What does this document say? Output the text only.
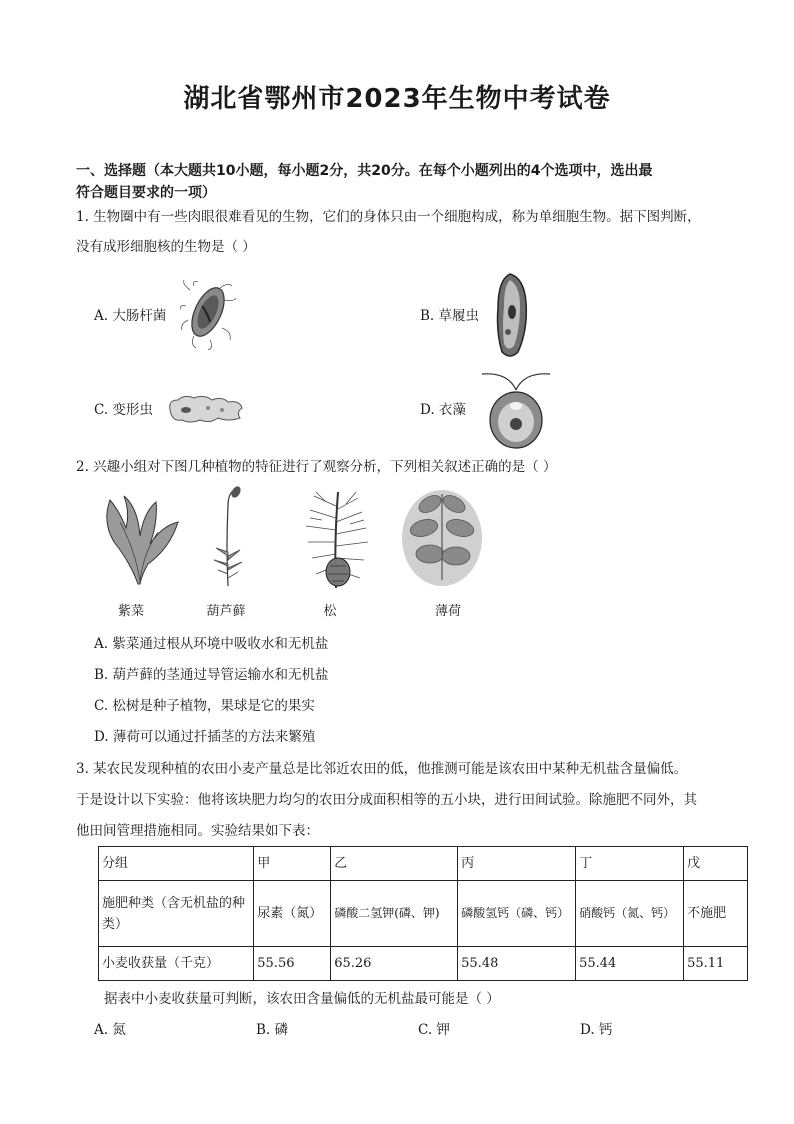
湖北省鄂州市2023年生物中考试卷
一、选择题（本大题共10小题，每小题2分，共20分。在每个小题列出的4个选项中，选出最
符合题目要求的一项）
1. 生物圈中有一些肉眼很难看见的生物，它们的身体只由一个细胞构成，称为单细胞生物。据下图判断，
没有成形细胞核的生物是（ ）
A. 大肠杆菌	B. 草履虫
C. 变形虫	D. 衣藻
2. 兴趣小组对下图几种植物的特征进行了观察分析，下列相关叙述正确的是（ ）
紫菜	葫芦藓	松	薄荷
A. 紫菜通过根从环境中吸收水和无机盐
B. 葫芦藓的茎通过导管运输水和无机盐
C. 松树是种子植物，果球是它的果实
D. 薄荷可以通过扦插茎的方法来繁殖
3. 某农民发现种植的农田小麦产量总是比邻近农田的低，他推测可能是该农田中某种无机盐含量偏低。
于是设计以下实验：他将该块肥力均匀的农田分成面积相等的五小块，进行田间试验。除施肥不同外，其
他田间管理措施相同。实验结果如下表：
分组	甲	乙	丙	丁	戊
施肥种类（含无机盐的种类）	尿素（氮）	磷酸二氢钾(磷、钾)	磷酸氢钙（磷、钙）	硝酸钙（氮、钙）	不施肥
小麦收获量（千克）	55.56	65.26	55.48	55.44	55.11
据表中小麦收获量可判断，该农田含量偏低的无机盐最可能是（ ）
A. 氮	B. 磷	C. 钾	D. 钙
